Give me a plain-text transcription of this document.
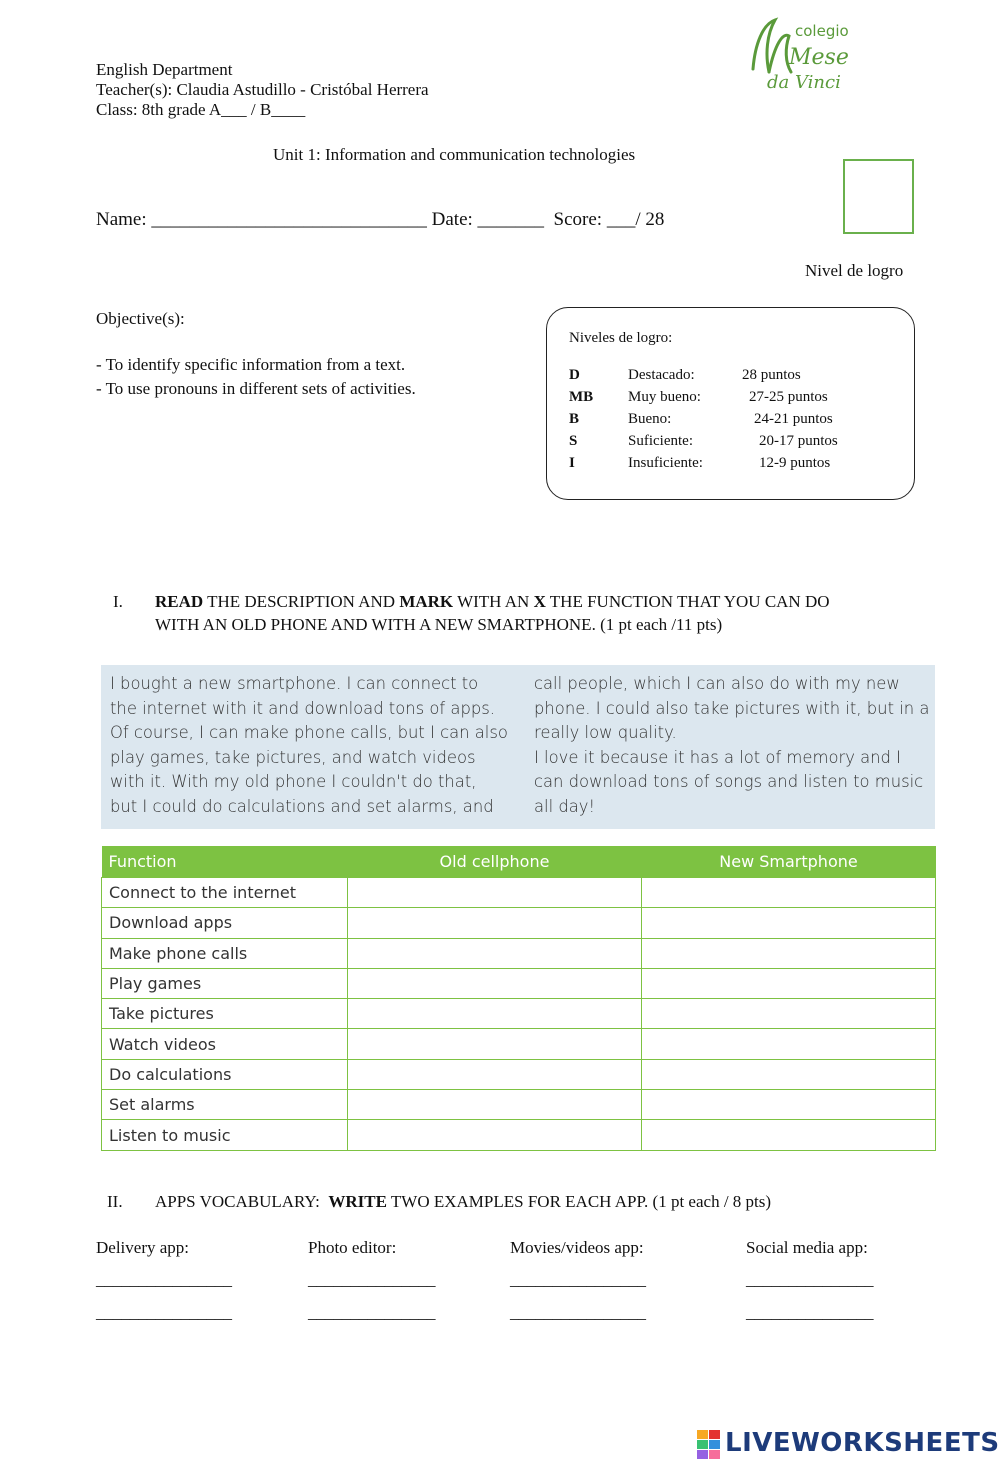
English Department
Teacher(s): Claudia Astudillo - Cristóbal Herrera
Class: 8th grade A___ / B____
colegio
Mese
da Vinci
Unit 1: Information and communication technologies
Name: _____________________________ Date: _______  Score: ___/ 28
Nivel de logro
Objective(s):
- To identify specific information from a text.
- To use pronouns in different sets of activities.
Niveles de logro:
D	Destacado:	28 puntos
MB Muy bueno:	27-25 puntos
B	Bueno:	24-21 puntos
S	Suficiente:	20-17 puntos
I	Insuficiente:	12-9 puntos
I. READ THE DESCRIPTION AND MARK WITH AN X THE FUNCTION THAT YOU CAN DO
WITH AN OLD PHONE AND WITH A NEW SMARTPHONE. (1 pt each /11 pts)
I bought a new smartphone. I can connect to
the internet with it and download tons of apps.
Of course, I can make phone calls, but I can also
play games, take pictures, and watch videos
with it. With my old phone I couldn't do that,
but I could do calculations and set alarms, and
call people, which I can also do with my new
phone. I could also take pictures with it, but in a
really low quality.
I love it because it has a lot of memory and I
can download tons of songs and listen to music
all day!
Function	Old cellphone	New Smartphone
Connect to the internet		
Download apps		
Make phone calls		
Play games		
Take pictures		
Watch videos		
Do calculations		
Set alarms		
Listen to music		
II. APPS VOCABULARY:  WRITE TWO EXAMPLES FOR EACH APP. (1 pt each / 8 pts)
Delivery app:	Photo editor:	Movies/videos app:	Social media app:
________________	_______________	________________	_______________
________________	_______________	________________	_______________
LIVEWORKSHEETS
